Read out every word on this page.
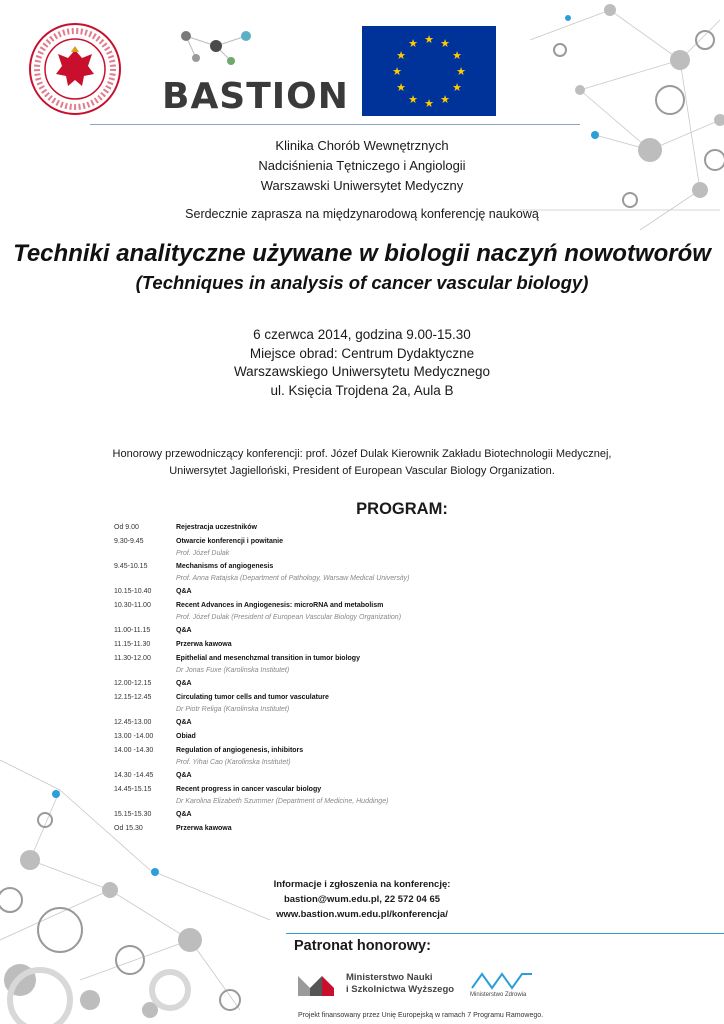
BASTION
★ ★
★
★
★
★
★
★
★
★
★
★
Klinika Chorób Wewnętrznych
Nadciśnienia Tętniczego i Angiologii
Warszawski Uniwersytet Medyczny
Serdecznie zaprasza na międzynarodową konferencję naukową
Techniki analityczne używane w biologii naczyń nowotworów
(Techniques in analysis of cancer vascular biology)
6 czerwca 2014, godzina 9.00-15.30
Miejsce obrad: Centrum Dydaktyczne
Warszawskiego Uniwersytetu Medycznego
ul. Księcia Trojdena 2a, Aula B
Honorowy przewodniczący konferencji: prof. Józef Dulak Kierownik Zakładu Biotechnologii Medycznej,
Uniwersytet Jagielloński, President of European Vascular Biology Organization.
PROGRAM:
Od 9.00	Rejestracja uczestników
9.30-9.45	Otwarcie konferencji i powitanie
Prof. Józef Dulak
9.45-10.15	Mechanisms of angiogenesis
Prof. Anna Ratajska (Department of Pathology, Warsaw Medical University)
10.15-10.40	Q&A
10.30-11.00	Recent Advances in Angiogenesis: microRNA and metabolism
Prof. Józef Dulak (President of European Vascular Biology Organization)
11.00-11.15	Q&A
11.15-11.30	Przerwa kawowa
11.30-12.00	Epithelial and mesenchzmal transition in tumor biology
Dr Jonas Fuxe (Karolinska Institutet)
12.00-12.15	Q&A
12.15-12.45	Circulating tumor cells and tumor vasculature
Dr Piotr Religa (Karolinska Institutet)
12.45-13.00	Q&A
13.00 -14.00	Obiad
14.00 -14.30	Regulation of angiogenesis, inhibitors
Prof. Yihai Cao (Karolinska Institutet)
14.30 -14.45	Q&A
14.45-15.15	Recent progress in cancer vascular biology
Dr Karolina Elizabeth Szummer (Department of Medicine, Huddinge)
15.15-15.30	Q&A
Od 15.30	Przerwa kawowa
Informacje i zgłoszenia na konferencję:
bastion@wum.edu.pl, 22 572 04 65
www.bastion.wum.edu.pl/konferencja/
Patronat honorowy:
Ministerstwo Nauki
i Szkolnictwa Wyższego	Ministerstwo Zdrowia
Projekt finansowany przez Unię Europejską w ramach 7 Programu Ramowego.
